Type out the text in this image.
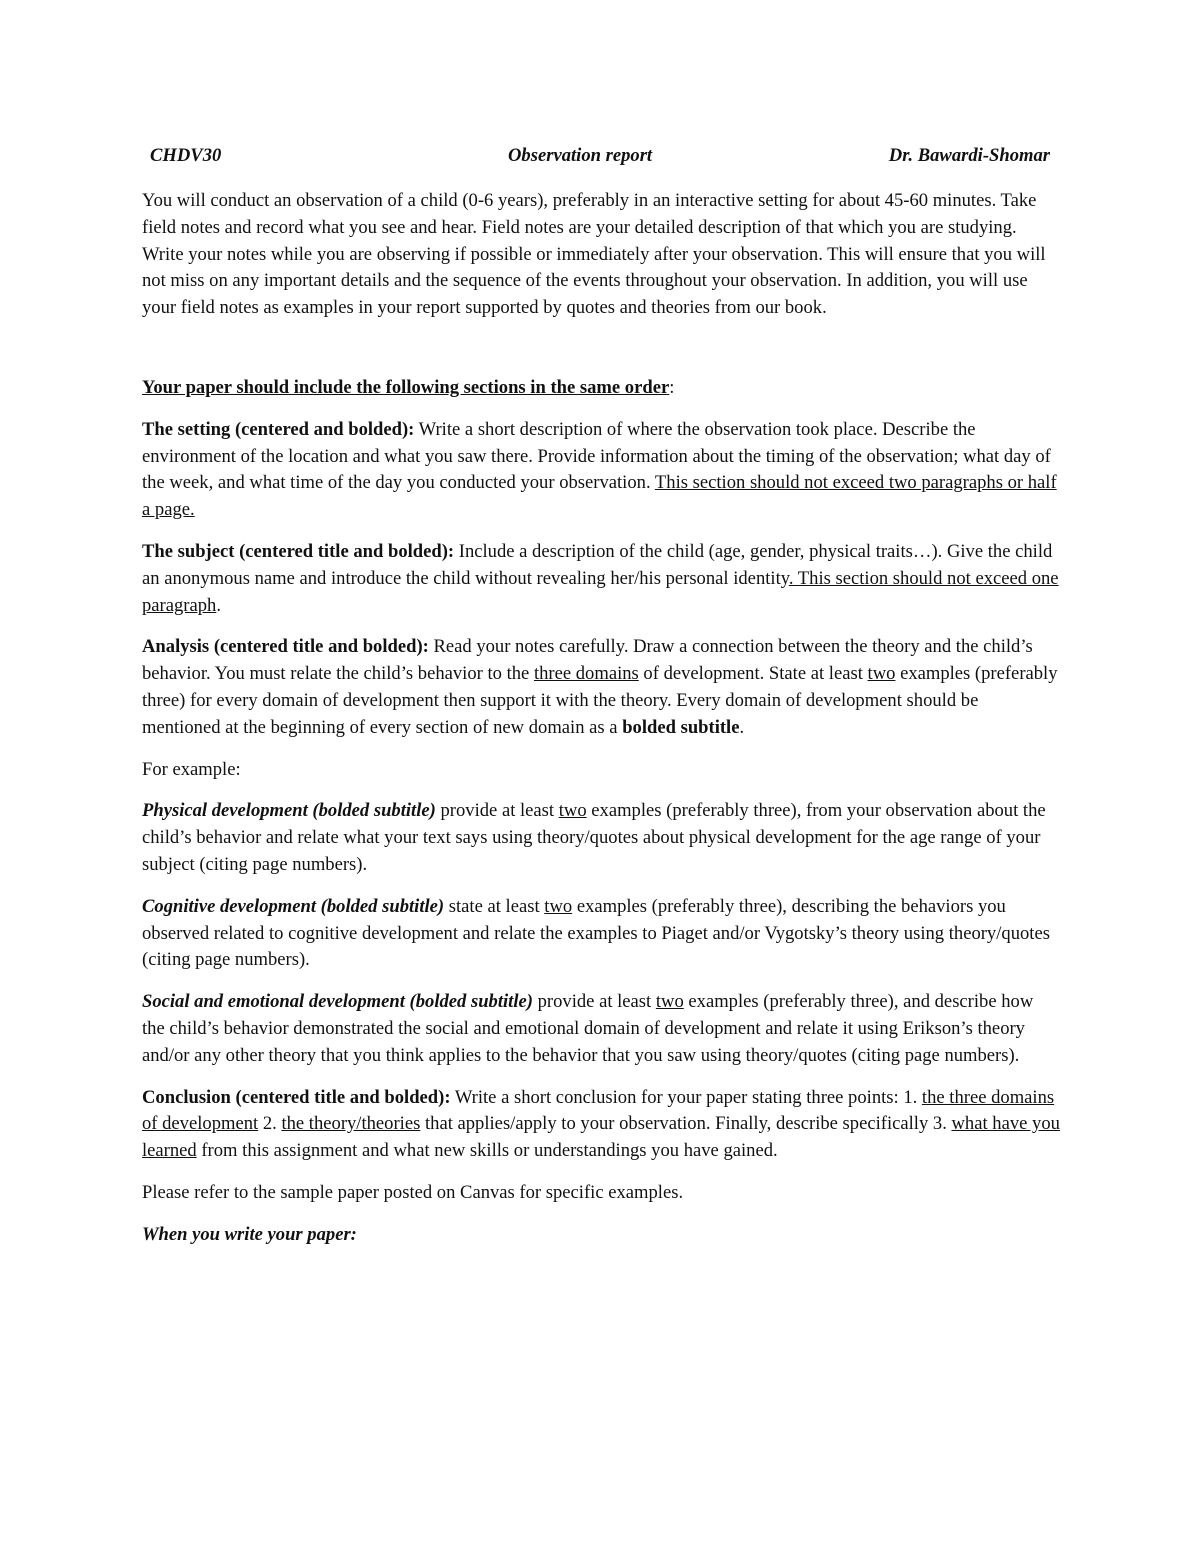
CHDV30	Observation report	Dr. Bawardi-Shomar

You will conduct an observation of a child (0-6 years), preferably in an interactive setting for about 45-60 minutes. Take field notes and record what you see and hear. Field notes are your detailed description of that which you are studying. Write your notes while you are observing if possible or immediately after your observation. This will ensure that you will not miss on any important details and the sequence of the events throughout your observation. In addition, you will use your field notes as examples in your report supported by quotes and theories from our book.

Your paper should include the following sections in the same order:

The setting (centered and bolded): Write a short description of where the observation took place. Describe the environment of the location and what you saw there. Provide information about the timing of the observation; what day of the week, and what time of the day you conducted your observation. This section should not exceed two paragraphs or half a page.

The subject (centered title and bolded): Include a description of the child (age, gender, physical traits…). Give the child an anonymous name and introduce the child without revealing her/his personal identity. This section should not exceed one paragraph.

Analysis (centered title and bolded): Read your notes carefully. Draw a connection between the theory and the child’s behavior. You must relate the child’s behavior to the three domains of development. State at least two examples (preferably three) for every domain of development then support it with the theory. Every domain of development should be mentioned at the beginning of every section of new domain as a bolded subtitle.

For example:

Physical development (bolded subtitle) provide at least two examples (preferably three), from your observation about the child’s behavior and relate what your text says using theory/quotes about physical development for the age range of your subject (citing page numbers).

Cognitive development (bolded subtitle) state at least two examples (preferably three), describing the behaviors you observed related to cognitive development and relate the examples to Piaget and/or Vygotsky’s theory using theory/quotes (citing page numbers).

Social and emotional development (bolded subtitle) provide at least two examples (preferably three), and describe how the child’s behavior demonstrated the social and emotional domain of development and relate it using Erikson’s theory and/or any other theory that you think applies to the behavior that you saw using theory/quotes (citing page numbers).

Conclusion (centered title and bolded): Write a short conclusion for your paper stating three points: 1. the three domains of development 2. the theory/theories that applies/apply to your observation. Finally, describe specifically 3. what have you learned from this assignment and what new skills or understandings you have gained.

Please refer to the sample paper posted on Canvas for specific examples.

When you write your paper:
